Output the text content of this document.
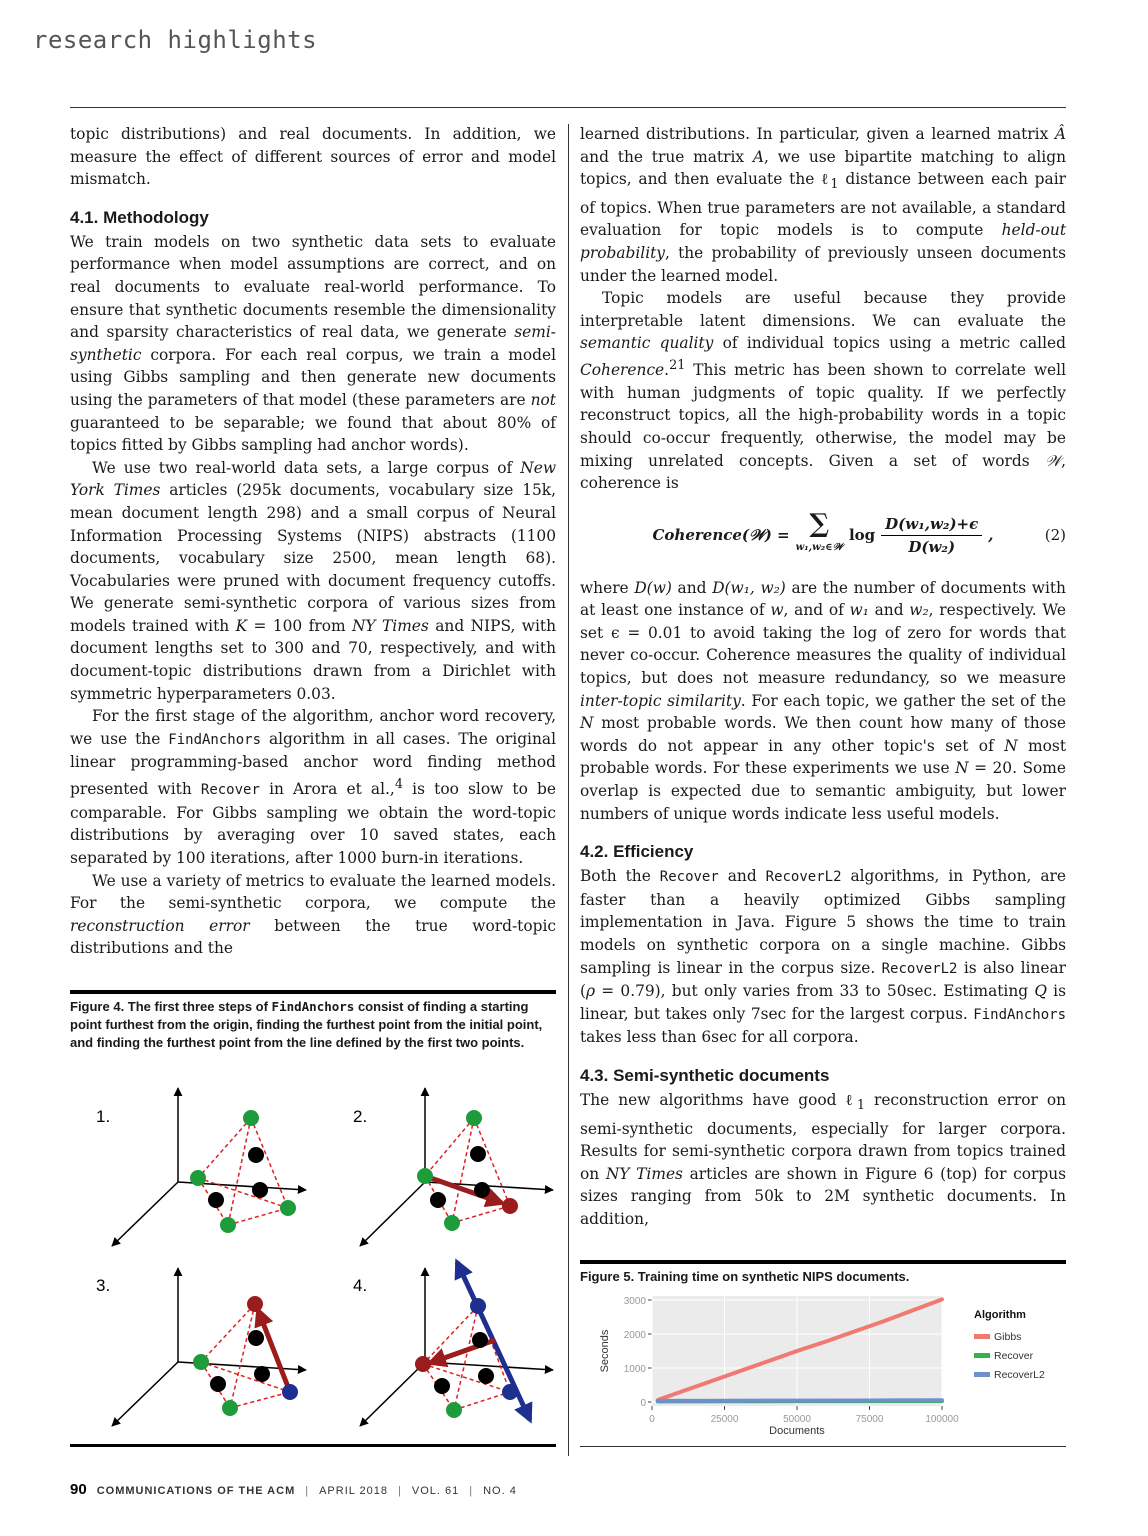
research highlights

topic distributions) and real documents. In addition, we measure the effect of different sources of error and model mismatch.

4.1. Methodology

We train models on two synthetic data sets to evaluate performance when model assumptions are correct, and on real documents to evaluate real-world performance. To ensure that synthetic documents resemble the dimensionality and sparsity characteristics of real data, we generate semi-synthetic corpora. For each real corpus, we train a model using Gibbs sampling and then generate new documents using the parameters of that model (these parameters are not guaranteed to be separable; we found that about 80% of topics fitted by Gibbs sampling had anchor words).

We use two real-world data sets, a large corpus of New York Times articles (295k documents, vocabulary size 15k, mean document length 298) and a small corpus of Neural Information Processing Systems (NIPS) abstracts (1100 documents, vocabulary size 2500, mean length 68). Vocabularies were pruned with document frequency cutoffs. We generate semi-synthetic corpora of various sizes from models trained with K = 100 from NY Times and NIPS, with document lengths set to 300 and 70, respectively, and with document-topic distributions drawn from a Dirichlet with symmetric hyperparameters 0.03.

For the first stage of the algorithm, anchor word recovery, we use the FindAnchors algorithm in all cases. The original linear programming-based anchor word finding method presented with Recover in Arora et al.,$^4$ is too slow to be comparable. For Gibbs sampling we obtain the word-topic distributions by averaging over 10 saved states, each separated by 100 iterations, after 1000 burn-in iterations.

We use a variety of metrics to evaluate the learned models. For the semi-synthetic corpora, we compute the reconstruction error between the true word-topic distributions and the

Figure 4. The first three steps of FindAnchors consist of finding a starting point furthest from the origin, finding the furthest point from the initial point, and finding the furthest point from the line defined by the first two points.
1.	2.
3.	4.

learned distributions. In particular, given a learned matrix Â and the true matrix A, we use bipartite matching to align topics, and then evaluate the ℓ$_1$ distance between each pair of topics. When true parameters are not available, a standard evaluation for topic models is to compute held-out probability, the probability of previously unseen documents under the learned model.

Topic models are useful because they provide interpretable latent dimensions. We can evaluate the semantic quality of individual topics using a metric called Coherence.$^{21}$ This metric has been shown to correlate well with human judgments of topic quality. If we perfectly reconstruct topics, all the high-probability words in a topic should co-occur frequently, otherwise, the model may be mixing unrelated concepts. Given a set of words 𝒲, coherence is

Coherence(𝒲) = ∑
w₁,w₂∈𝒲
$\log \frac{\text{D(w₁,w₂)+ϵ}}{\text{D(w₂)}}$ ,	(2)

where D(w) and D(w₁, w₂) are the number of documents with at least one instance of w, and of w₁ and w₂, respectively. We set ϵ = 0.01 to avoid taking the log of zero for words that never co-occur. Coherence measures the quality of individual topics, but does not measure redundancy, so we measure inter-topic similarity. For each topic, we gather the set of the N most probable words. We then count how many of those words do not appear in any other topic's set of N most probable words. For these experiments we use N = 20. Some overlap is expected due to semantic ambiguity, but lower numbers of unique words indicate less useful models.

4.2. Efficiency

Both the Recover and RecoverL2 algorithms, in Python, are faster than a heavily optimized Gibbs sampling implementation in Java. Figure 5 shows the time to train models on synthetic corpora on a single machine. Gibbs sampling is linear in the corpus size. RecoverL2 is also linear (ρ = 0.79), but only varies from 33 to 50sec. Estimating Q is linear, but takes only 7sec for the largest corpus. FindAnchors takes less than 6sec for all corpora.

4.3. Semi-synthetic documents

The new algorithms have good ℓ$_1$ reconstruction error on semi-synthetic documents, especially for larger corpora. Results for semi-synthetic corpora drawn from topics trained on NY Times articles are shown in Figure 6 (top) for corpus sizes ranging from 50k to 2M synthetic documents. In addition,

Figure 5. Training time on synthetic NIPS documents.
0
1000
2000
3000
0	25000	50000	75000	100000
Documents
Seconds
Algorithm
Gibbs
Recover
RecoverL2
90 COMMUNICATIONS OF THE ACM | APRIL 2018 | VOL. 61 | NO. 4
